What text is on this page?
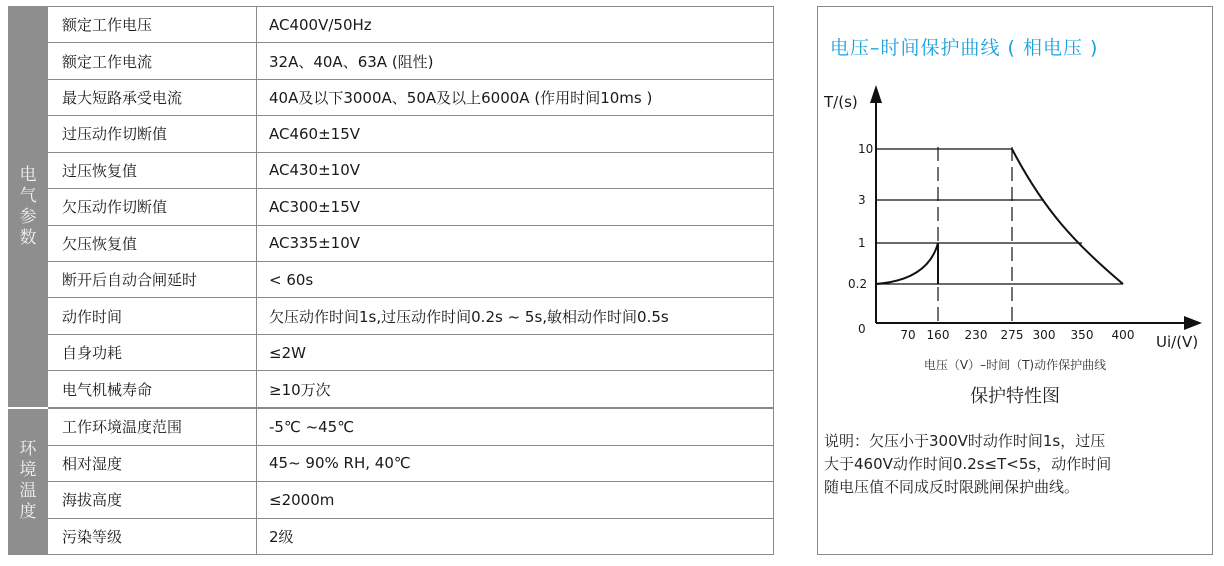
电
气
参
数	额定工作电压	AC400V/50Hz
	额定工作电流	32A、40A、63A (阻性)
	最大短路承受电流	40A及以下3000A、50A及以上6000A (作用时间10ms )
	过压动作切断值	AC460±15V
	过压恢复值	AC430±10V
	欠压动作切断值	AC300±15V
	欠压恢复值	AC335±10V
	断开后自动合闸延时	< 60s
	动作时间	欠压动作时间1s,过压动作时间0.2s ~ 5s,敏相动作时间0.5s
	自身功耗	≤2W
	电气机械寿命	≥10万次

环
境
温
度	工作环境温度范围	-5℃ ~45℃
	相对湿度	45~ 90% RH, 40℃
	海拔高度	≤2000m
	污染等级	2级
电压–时间保护曲线 ( 相电压 )
T/(s)
Ui/(V)
0
0.2
1
3
10
70 160 230 275 300 350 400
电压（V）–时间（T)动作保护曲线
保护特性图
说明：欠压小于300V时动作时间1s，过压
大于460V动作时间0.2s≤T<5s，动作时间
随电压值不同成反时限跳闸保护曲线。
